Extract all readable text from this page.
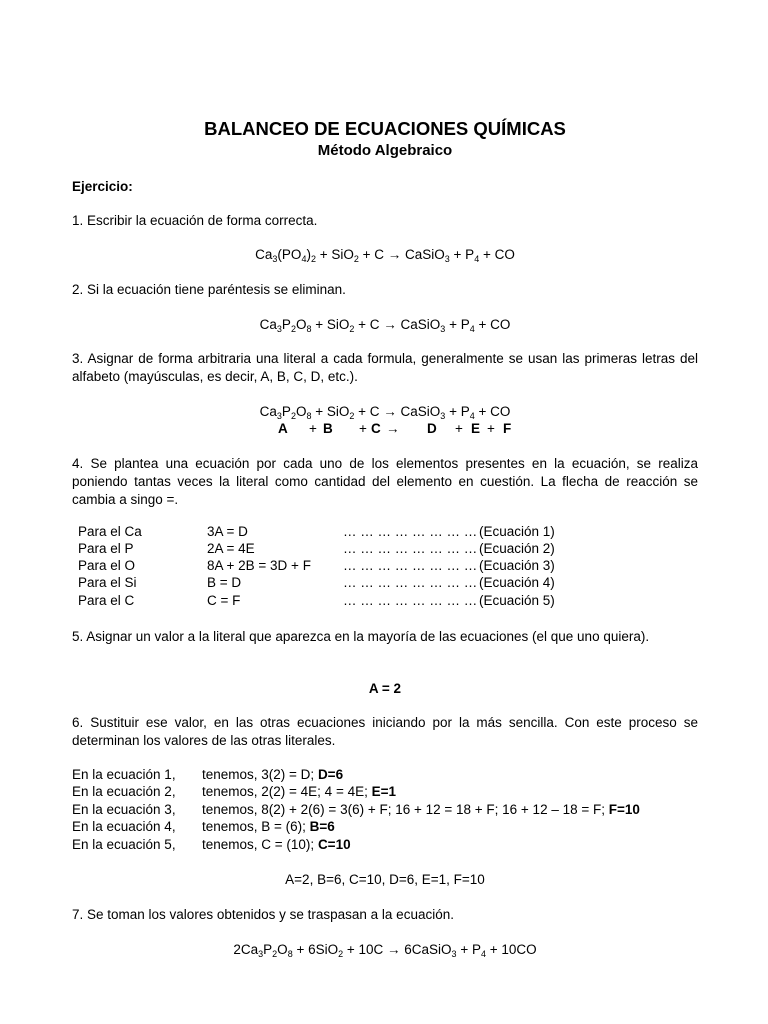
BALANCEO DE ECUACIONES QUÍMICAS
Método Algebraico
Ejercicio:
1. Escribir la ecuación de forma correcta.
$Ca_3(PO_4)_2 + SiO_2 + C$ → CaSiO$_3$ + $P_4$ + CO
2. Si la ecuación tiene paréntesis se eliminan.
$Ca_3P_2O_8 + SiO_2 + C$ → CaSiO$_3$ + $P_4$ + CO
3. Asignar de forma arbitraria una literal a cada formula, generalmente se usan las primeras letras del alfabeto (mayúsculas, es decir, A, B, C, D, etc.).
$Ca_3P_2O_8 + SiO_2 + C$ → CaSiO$_3$ + $P_4$ + CO
A + B + C → D + E + F
4. Se plantea una ecuación por cada uno de los elementos presentes en la ecuación, se realiza poniendo tantas veces la literal como cantidad del elemento en cuestión. La flecha de reacción se cambia a singo =.
Para el Ca	3A = D	… … … … … … … … (Ecuación 1)
Para el P	2A = 4E	… … … … … … … … (Ecuación 2)
Para el O	8A + 2B = 3D + F … … … … … … … … (Ecuación 3)
Para el Si	B = D	… … … … … … … … (Ecuación 4)
Para el C	C = F	… … … … … … … … (Ecuación 5)
5. Asignar un valor a la literal que aparezca en la mayoría de las ecuaciones (el que uno quiera).
A = 2
6. Sustituir ese valor, en las otras ecuaciones iniciando por la más sencilla. Con este proceso se determinan los valores de las otras literales.
En la ecuación 1, tenemos, 3(2) = D; D=6
En la ecuación 2, tenemos, 2(2) = 4E; 4 = 4E; E=1
En la ecuación 3, tenemos, 8(2) + 2(6) = 3(6) + F; 16 + 12 = 18 + F; 16 + 12 – 18 = F; F=10
En la ecuación 4, tenemos, B = (6); B=6
En la ecuación 5, tenemos, C = (10); C=10
A=2, B=6, C=10, D=6, E=1, F=10
7. Se toman los valores obtenidos y se traspasan a la ecuación.
$2Ca_3P_2O_8 + 6SiO_2 + 10C$ → 6CaSiO$_3$ + $P_4 + 10CO$
